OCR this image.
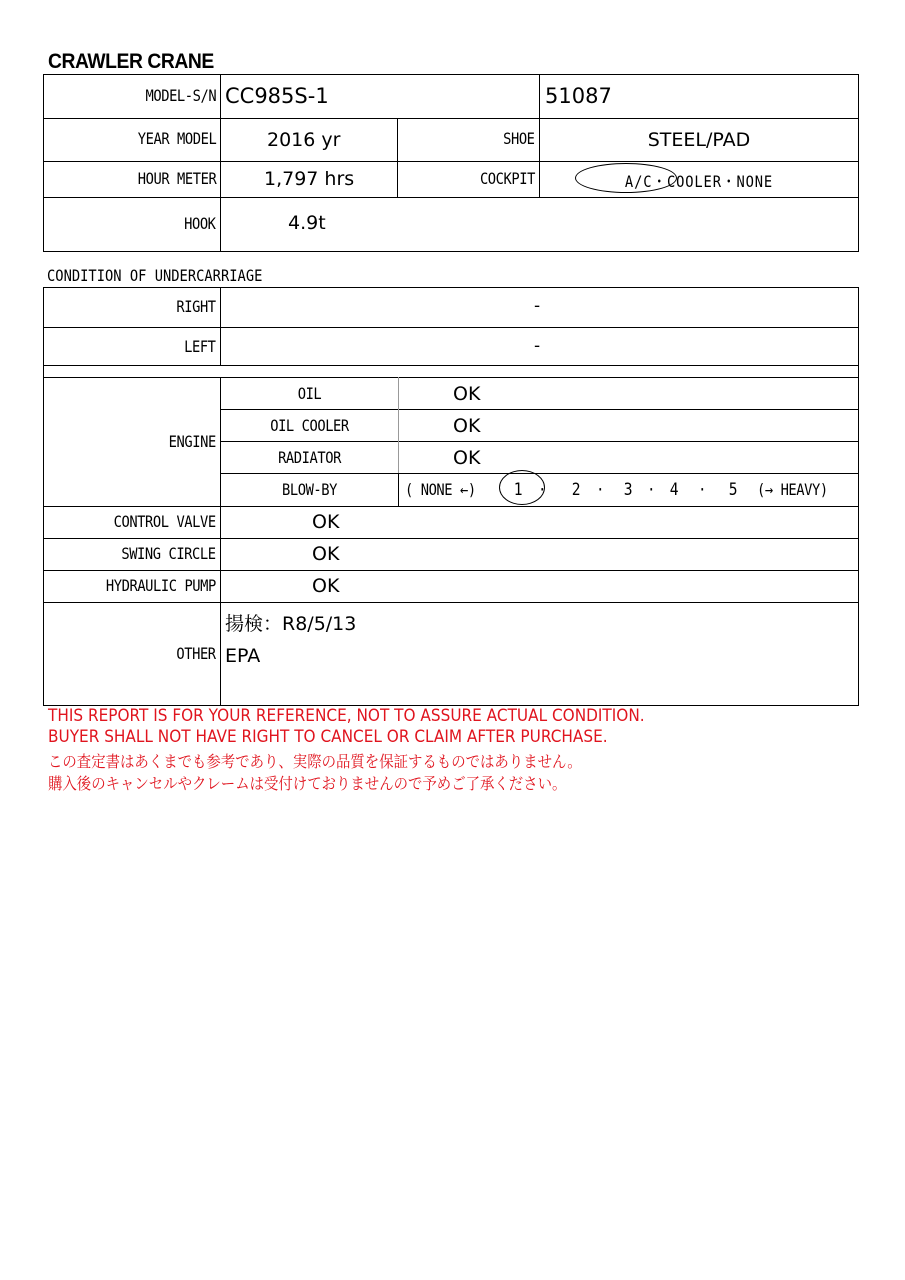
CRAWLER CRANE
MODEL-S/N CC985S-1	51087
YEAR MODEL	2016 yr	SHOE	STEEL/PAD
HOUR METER	1,797 hrs	COCKPIT	A/C・COOLER・NONE
HOOK	4.9t
CONDITION OF UNDERCARRIAGE
RIGHT	-
LEFT	-
ENGINE
OIL	OK
OIL COOLER	OK
RADIATOR	OK
BLOW-BY	( NONE ←) 1 · 2 · 3 · 4 · 5 (→ HEAVY)
CONTROL VALVE	OK
SWING CIRCLE	OK
HYDRAULIC PUMP	OK
OTHER
揚検：R8/5/13
EPA
THIS REPORT IS FOR YOUR REFERENCE, NOT TO ASSURE ACTUAL CONDITION.
BUYER SHALL NOT HAVE RIGHT TO CANCEL OR CLAIM AFTER PURCHASE.
この査定書はあくまでも参考であり、実際の品質を保証するものではありません。
購入後のキャンセルやクレームは受付けておりませんので予めご了承ください。
